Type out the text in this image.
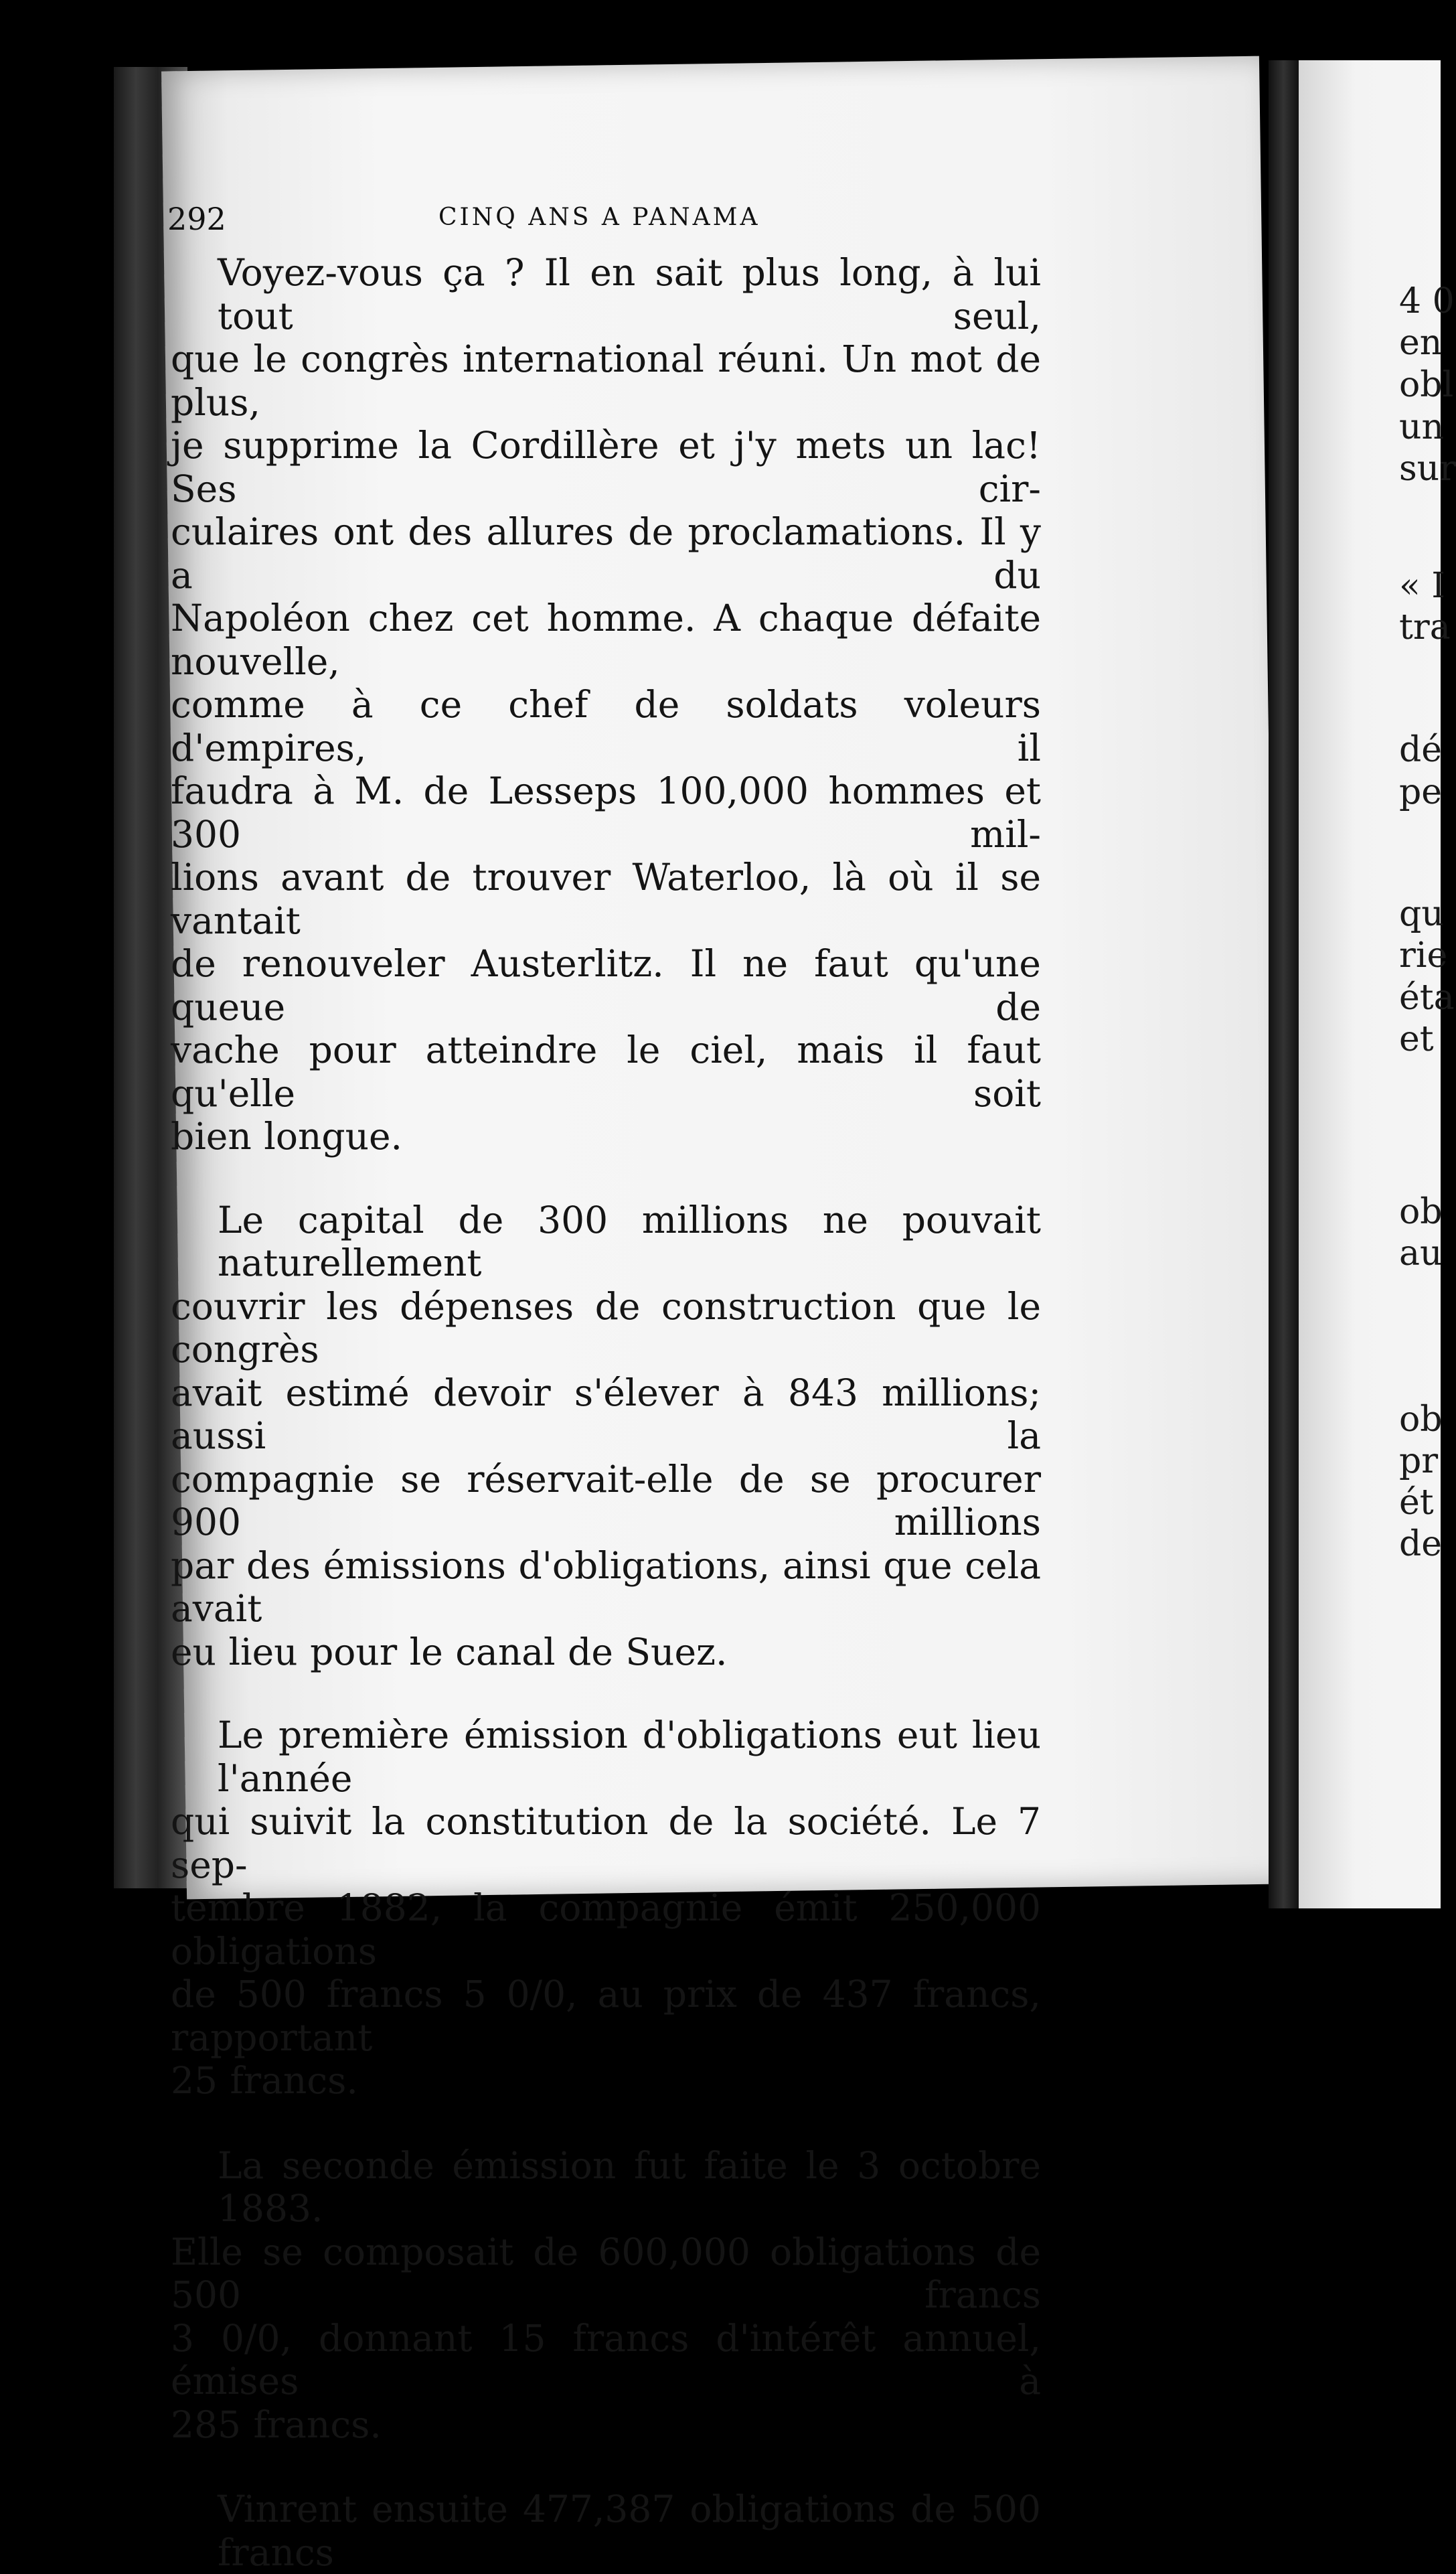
4 0
en
obl
un
sur
« I
tra
dé
pe
qu
rie
éta
et
ob
au
ob
pr
ét
de
292	CINQ ANS A PANAMA

Voyez-vous ça ? Il en sait plus long, à lui tout seul,
que le congrès international réuni. Un mot de plus,
je supprime la Cordillère et j'y mets un lac! Ses cir-
culaires ont des allures de proclamations. Il y a du
Napoléon chez cet homme. A chaque défaite nouvelle,
comme à ce chef de soldats voleurs d'empires, il
faudra à M. de Lesseps 100,000 hommes et 300 mil-
lions avant de trouver Waterloo, là où il se vantait
de renouveler Austerlitz. Il ne faut qu'une queue de
vache pour atteindre le ciel, mais il faut qu'elle soit
bien longue.

Le capital de 300 millions ne pouvait naturellement
couvrir les dépenses de construction que le congrès
avait estimé devoir s'élever à 843 millions; aussi la
compagnie se réservait-elle de se procurer 900 millions
par des émissions d'obligations, ainsi que cela avait
eu lieu pour le canal de Suez.

Le première émission d'obligations eut lieu l'année
qui suivit la constitution de la société. Le 7 sep-
tembre 1882, la compagnie émit 250,000 obligations
de 500 francs 5 0/0, au prix de 437 francs, rapportant
25 francs.

La seconde émission fut faite le 3 octobre 1883.
Elle se composait de 600,000 obligations de 500 francs
3 0/0, donnant 15 francs d'intérêt annuel, émises à
285 francs.

Vinrent ensuite 477,387 obligations de 500 francs
